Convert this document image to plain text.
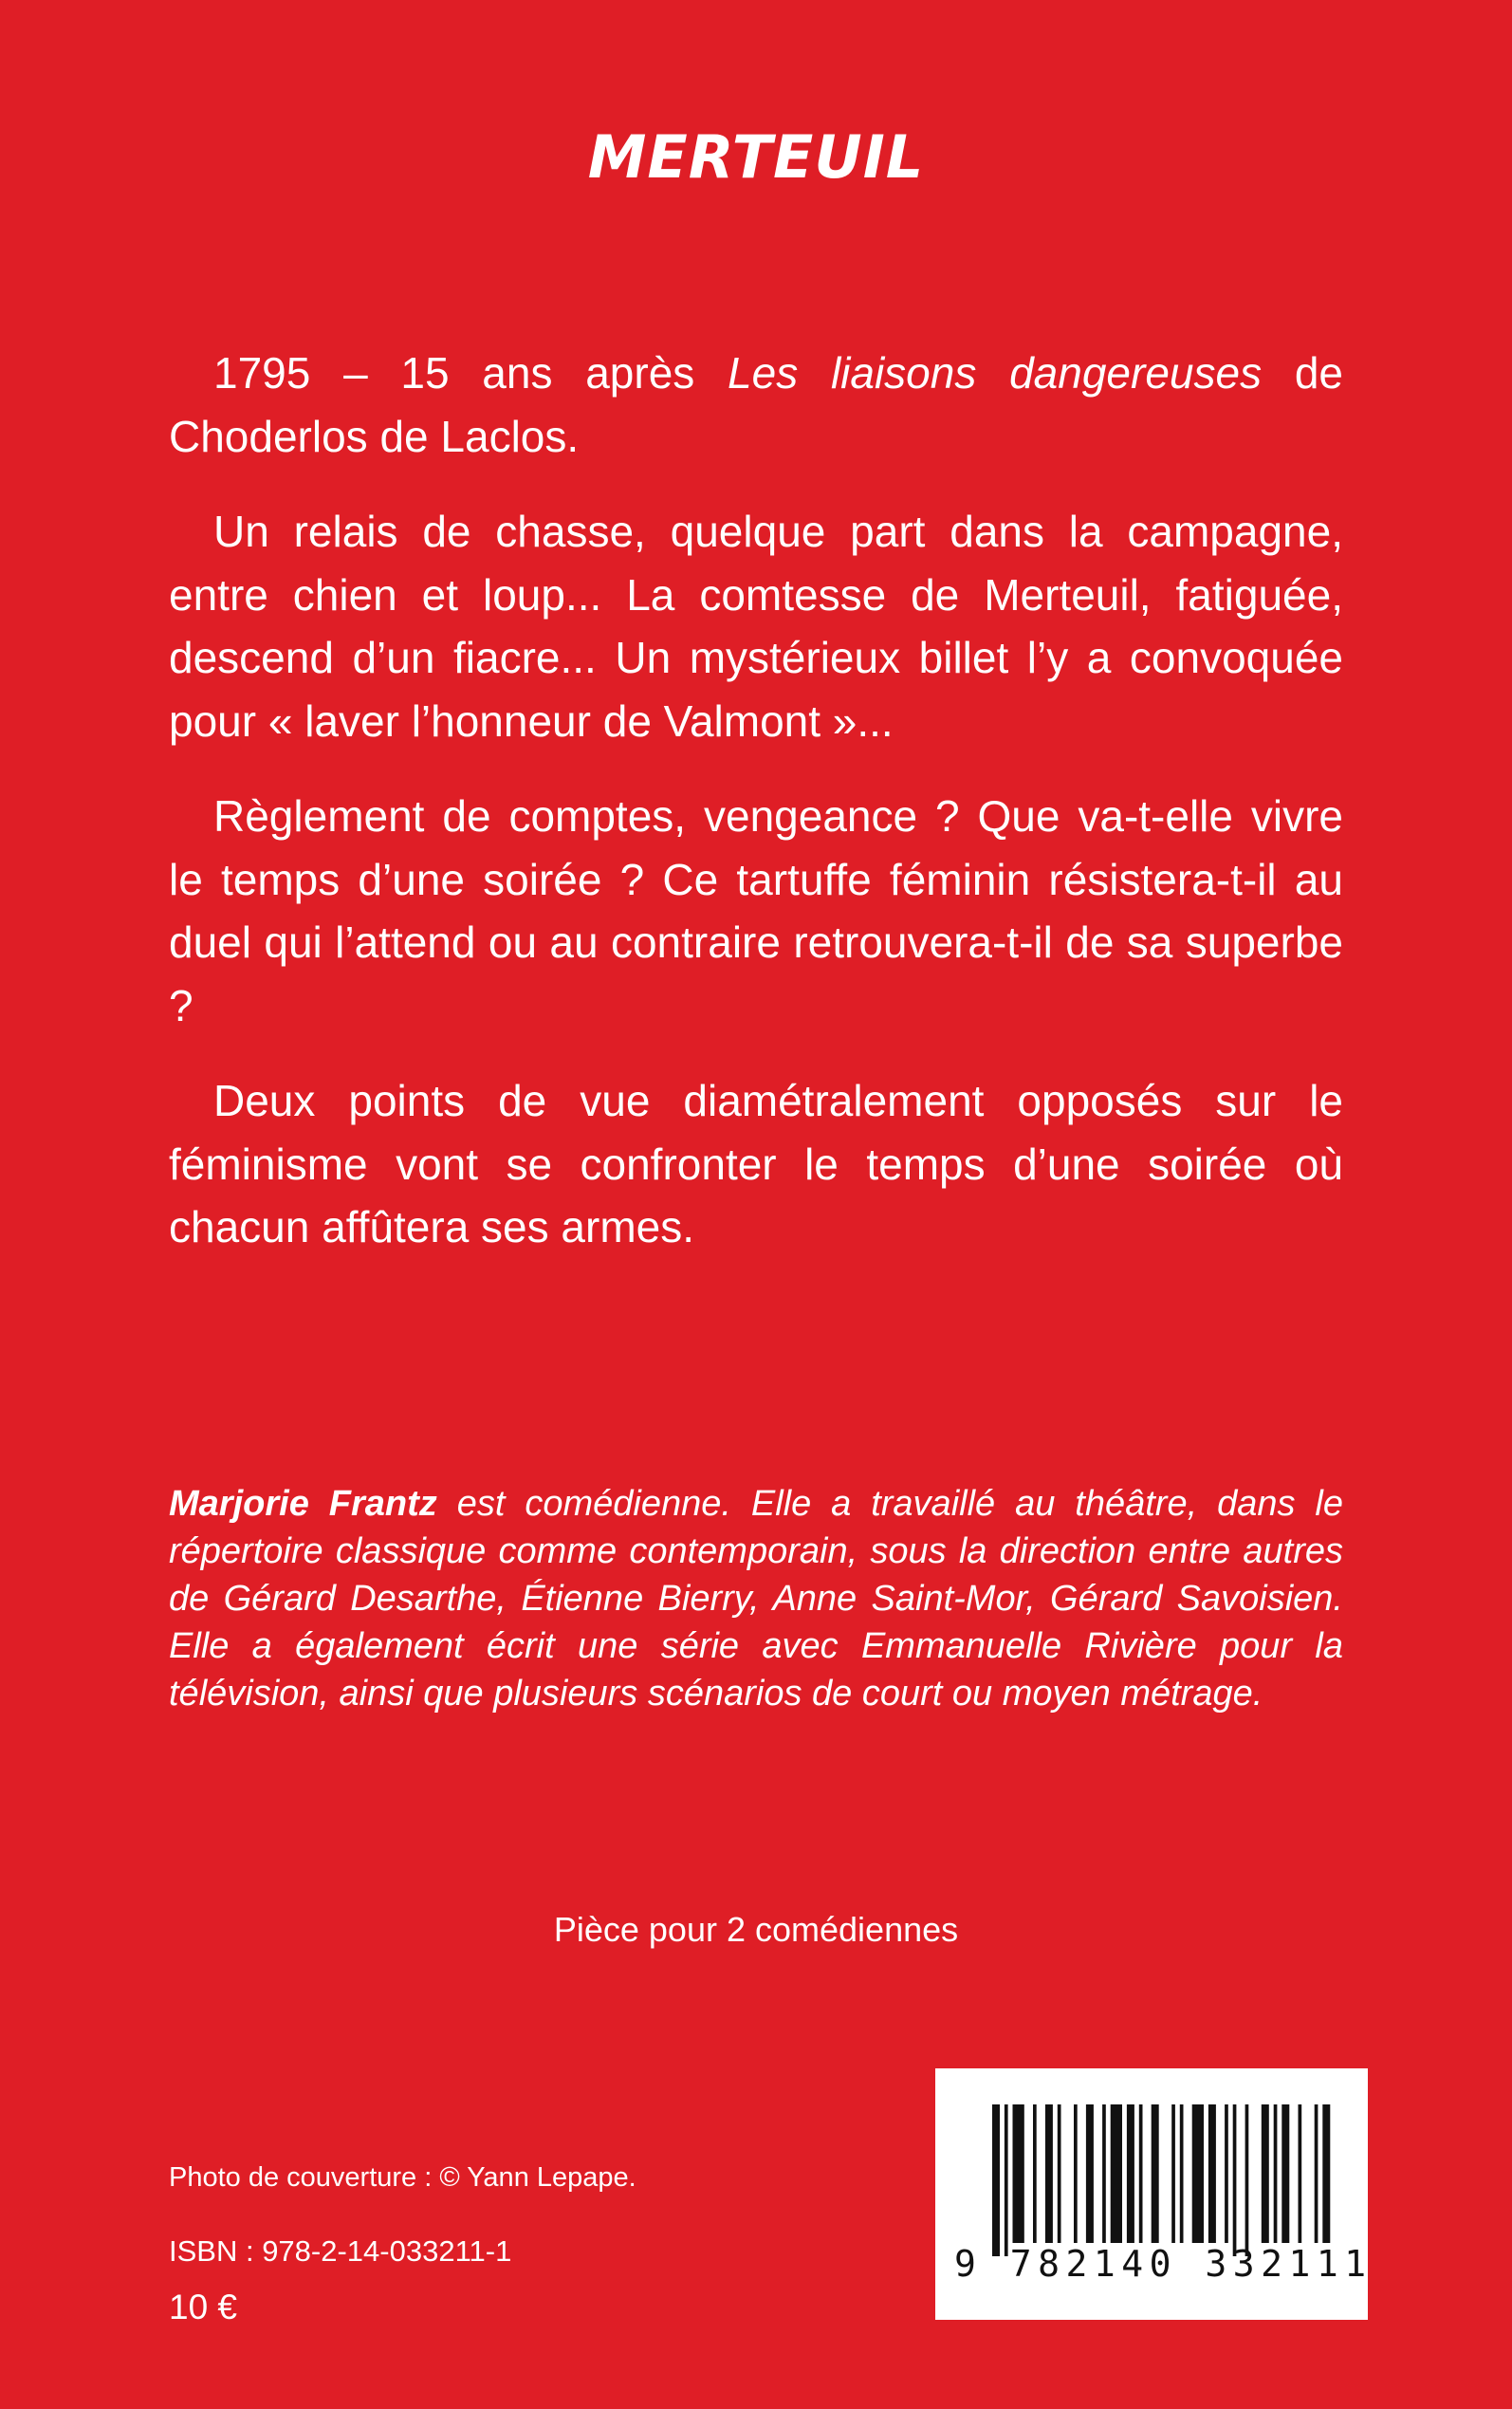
MERTEUIL

1795 – 15 ans après Les liaisons dangereuses de Choderlos de Laclos.

Un relais de chasse, quelque part dans la campagne, entre chien et loup... La comtesse de Merteuil, fatiguée, descend d’un fiacre... Un mystérieux billet l’y a convoquée pour « laver l’honneur de Valmont »...

Règlement de comptes, vengeance ? Que va-t-elle vivre le temps d’une soirée ? Ce tartuffe féminin résistera-t-il au duel qui l’attend ou au contraire retrouvera-t-il de sa superbe ?

Deux points de vue diamétralement opposés sur le féminisme vont se confronter le temps d’une soirée où chacun affûtera ses armes.

Marjorie Frantz est comédienne. Elle a travaillé au théâtre, dans le répertoire classique comme contemporain, sous la direction entre autres de Gérard Desarthe, Étienne Bierry, Anne Saint-Mor, Gérard Savoisien. Elle a également écrit une série avec Emmanuelle Rivière pour la télévision, ainsi que plusieurs scénarios de court ou moyen métrage.

Pièce pour 2 comédiennes
Photo de couverture : © Yann Lepape.
ISBN : 978-2-14-033211-1
10 €
9 782140 332111
